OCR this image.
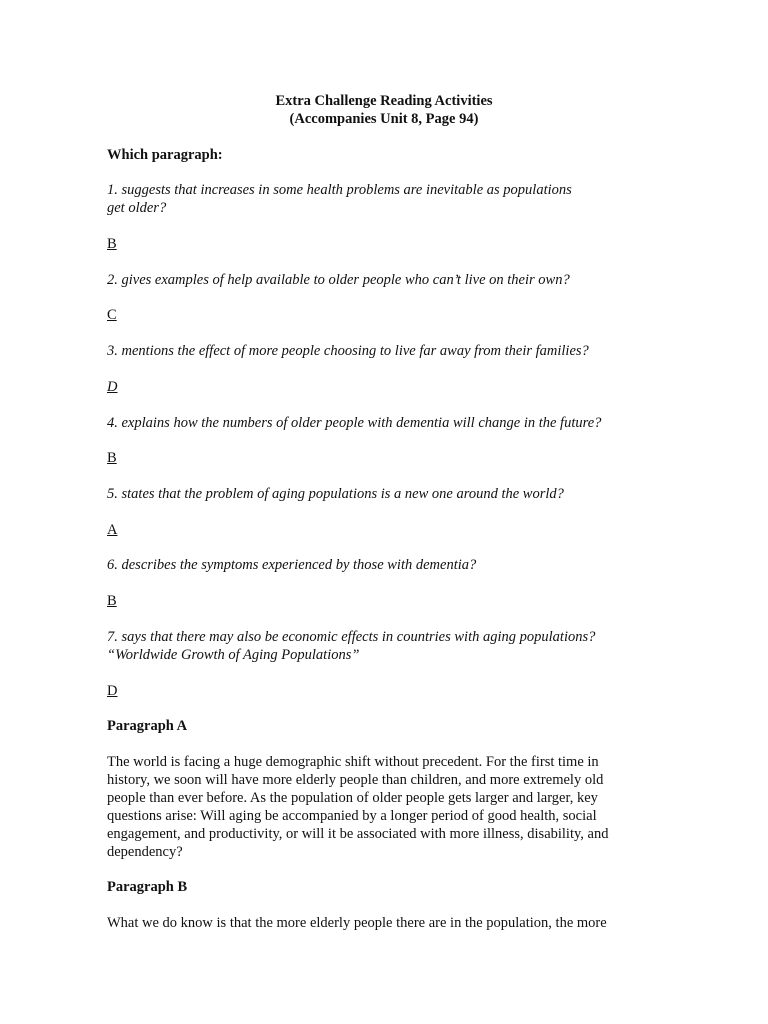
Extra Challenge Reading Activities
(Accompanies Unit 8, Page 94)
Which paragraph:
1. suggests that increases in some health problems are inevitable as populations
get older?
B
2. gives examples of help available to older people who can’t live on their own?
C
3. mentions the effect of more people choosing to live far away from their families?
D
4. explains how the numbers of older people with dementia will change in the future?
B
5. states that the problem of aging populations is a new one around the world?
A
6. describes the symptoms experienced by those with dementia?
B
7. says that there may also be economic effects in countries with aging populations?
“Worldwide Growth of Aging Populations”
D
Paragraph A
The world is facing a huge demographic shift without precedent. For the first time in
history, we soon will have more elderly people than children, and more extremely old
people than ever before. As the population of older people gets larger and larger, key
questions arise: Will aging be accompanied by a longer period of good health, social
engagement, and productivity, or will it be associated with more illness, disability, and
dependency?
Paragraph B
What we do know is that the more elderly people there are in the population, the more
